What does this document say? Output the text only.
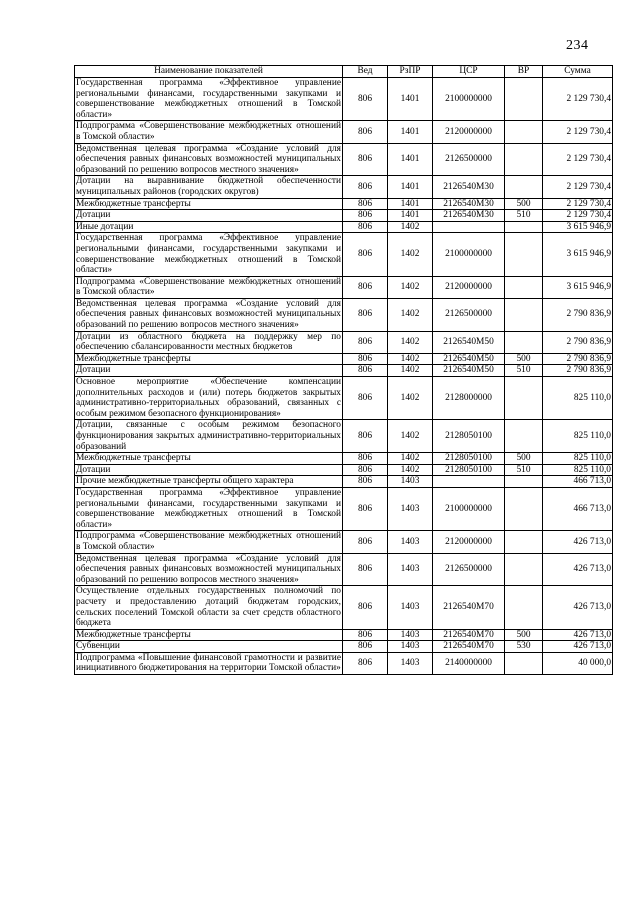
234
Наименование показателей	Вед	РзПР	ЦСР	ВР	Сумма
Государственная программа «Эффективное управление региональными финансами, государственными закупками и совершенствование межбюджетных отношений в Томской области»	806	1401	2100000000		2 129 730,4
Подпрограмма «Совершенствование межбюджетных отношений в Томской области»	806	1401	2120000000		2 129 730,4
Ведомственная целевая программа «Создание условий для обеспечения равных финансовых возможностей муниципальных образований по решению вопросов местного значения»	806	1401	2126500000		2 129 730,4
Дотации на выравнивание бюджетной обеспеченности муниципальных районов (городских округов)	806	1401	2126540М30		2 129 730,4
Межбюджетные трансферты	806	1401	2126540М30	500	2 129 730,4
Дотации	806	1401	2126540М30	510	2 129 730,4
Иные дотации	806	1402			3 615 946,9
Государственная программа «Эффективное управление региональными финансами, государственными закупками и совершенствование межбюджетных отношений в Томской области»	806	1402	2100000000		3 615 946,9
Подпрограмма «Совершенствование межбюджетных отношений в Томской области»	806	1402	2120000000		3 615 946,9
Ведомственная целевая программа «Создание условий для обеспечения равных финансовых возможностей муниципальных образований по решению вопросов местного значения»	806	1402	2126500000		2 790 836,9
Дотации из областного бюджета на поддержку мер по обеспечению сбалансированности местных бюджетов	806	1402	2126540М50		2 790 836,9
Межбюджетные трансферты	806	1402	2126540М50	500	2 790 836,9
Дотации	806	1402	2126540М50	510	2 790 836,9
Основное мероприятие «Обеспечение компенсации дополнительных расходов и (или) потерь бюджетов закрытых административно-территориальных образований, связанных с особым режимом безопасного функционирования»	806	1402	2128000000		825 110,0
Дотации, связанные с особым режимом безопасного функционирования закрытых административно-территориальных образований	806	1402	2128050100		825 110,0
Межбюджетные трансферты	806	1402	2128050100	500	825 110,0
Дотации	806	1402	2128050100	510	825 110,0
Прочие межбюджетные трансферты общего характера	806	1403			466 713,0
Государственная программа «Эффективное управление региональными финансами, государственными закупками и совершенствование межбюджетных отношений в Томской области»	806	1403	2100000000		466 713,0
Подпрограмма «Совершенствование межбюджетных отношений в Томской области»	806	1403	2120000000		426 713,0
Ведомственная целевая программа «Создание условий для обеспечения равных финансовых возможностей муниципальных образований по решению вопросов местного значения»	806	1403	2126500000		426 713,0
Осуществление отдельных государственных полномочий по расчету и предоставлению дотаций бюджетам городских, сельских поселений Томской области за счет средств областного бюджета	806	1403	2126540М70		426 713,0
Межбюджетные трансферты	806	1403	2126540М70	500	426 713,0
Субвенции	806	1403	2126540М70	530	426 713,0
Подпрограмма «Повышение финансовой грамотности и развитие инициативного бюджетирования на территории Томской области»	806	1403	2140000000		40 000,0
